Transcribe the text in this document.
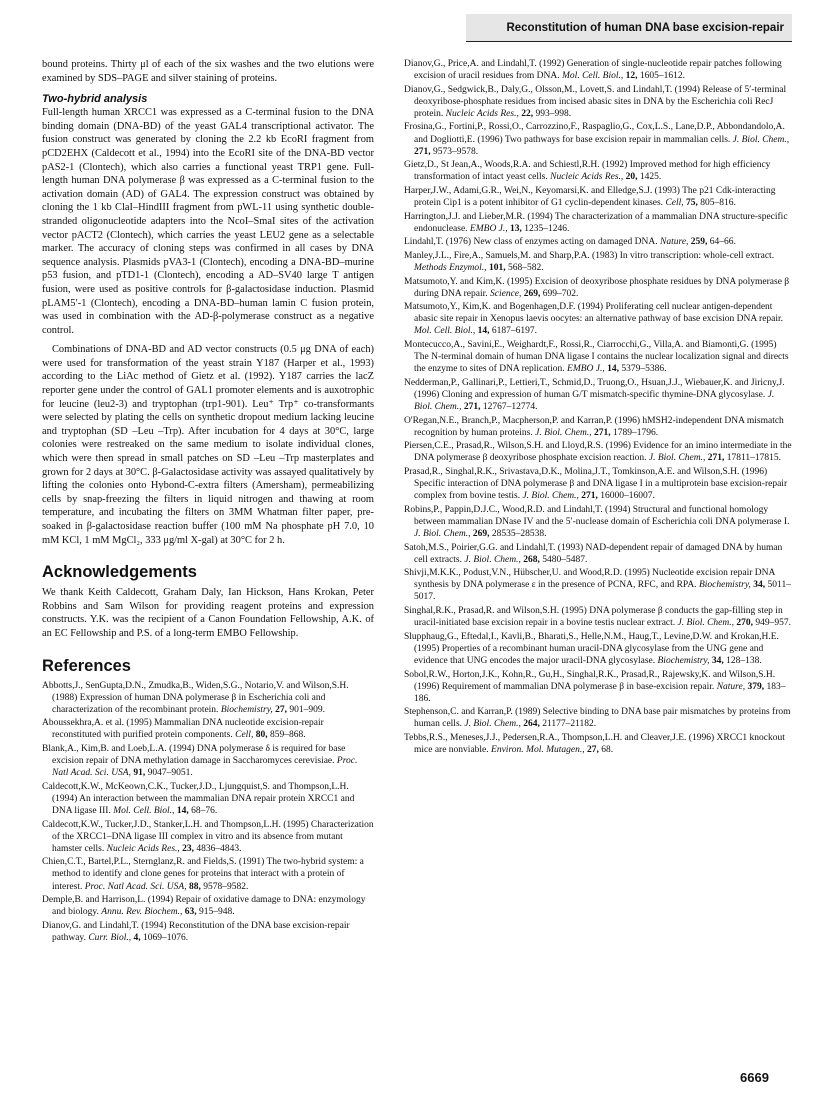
Reconstitution of human DNA base excision-repair

bound proteins. Thirty μl of each of the six washes and the two elutions were examined by SDS–PAGE and silver staining of proteins.

Two-hybrid analysis

Full-length human XRCC1 was expressed as a C-terminal fusion to the DNA binding domain (DNA-BD) of the yeast GAL4 transcriptional activator. The fusion construct was generated by cloning the 2.2 kb EcoRI fragment from pCD2EHX (Caldecott et al., 1994) into the EcoRI site of the DNA-BD vector pAS2-1 (Clontech), which also carries a functional yeast TRP1 gene. Full-length human DNA polymerase β was expressed as a C-terminal fusion to the activation domain (AD) of GAL4. The expression construct was obtained by cloning the 1 kb ClaI–HindIII fragment from pWL-11 using synthetic double-stranded oligonucleotide adapters into the NcoI–SmaI sites of the activation vector pACT2 (Clontech), which carries the yeast LEU2 gene as a selectable marker. The accuracy of cloning steps was confirmed in all cases by DNA sequence analysis. Plasmids pVA3-1 (Clontech), encoding a DNA-BD–murine p53 fusion, and pTD1-1 (Clontech), encoding a AD–SV40 large T antigen fusion, were used as positive controls for β-galactosidase induction. Plasmid pLAM5′-1 (Clontech), encoding a DNA-BD–human lamin C fusion protein, was used in combination with the AD-β-polymerase construct as a negative control.

Combinations of DNA-BD and AD vector constructs (0.5 μg DNA of each) were used for transformation of the yeast strain Y187 (Harper et al., 1993) according to the LiAc method of Gietz et al. (1992). Y187 carries the lacZ reporter gene under the control of GAL1 promoter elements and is auxotrophic for leucine (leu2-3) and tryptophan (trp1-901). Leu⁺ Trp⁺ co-transformants were selected by plating the cells on synthetic dropout medium lacking leucine and tryptophan (SD –Leu –Trp). After incubation for 4 days at 30°C, large colonies were restreaked on the same medium to isolate individual clones, which were then spread in small patches on SD –Leu –Trp masterplates and grown for 2 days at 30°C. β-Galactosidase activity was assayed qualitatively by lifting the colonies onto Hybond-C-extra filters (Amersham), permeabilizing cells by snap-freezing the filters in liquid nitrogen and thawing at room temperature, and incubating the filters on 3MM Whatman filter paper, pre-soaked in β-galactosidase reaction buffer (100 mM Na phosphate pH 7.0, 10 mM KCl, 1 mM MgCl₂, 333 μg/ml X-gal) at 30°C for 2 h.

Acknowledgements

We thank Keith Caldecott, Graham Daly, Ian Hickson, Hans Krokan, Peter Robbins and Sam Wilson for providing reagent proteins and expression constructs. Y.K. was the recipient of a Canon Foundation Fellowship, A.K. of an EC Fellowship and P.S. of a long-term EMBO Fellowship.

References
Abbotts,J., SenGupta,D.N., Zmudka,B., Widen,S.G., Notario,V. and Wilson,S.H. (1988) Expression of human DNA polymerase β in Escherichia coli and characterization of the recombinant protein. Biochemistry, 27, 901–909.
Aboussekhra,A. et al. (1995) Mammalian DNA nucleotide excision-repair reconstituted with purified protein components. Cell, 80, 859–868.
Blank,A., Kim,B. and Loeb,L.A. (1994) DNA polymerase δ is required for base excision repair of DNA methylation damage in Saccharomyces cerevisiae. Proc. Natl Acad. Sci. USA, 91, 9047–9051.
Caldecott,K.W., McKeown,C.K., Tucker,J.D., Ljungquist,S. and Thompson,L.H. (1994) An interaction between the mammalian DNA repair protein XRCC1 and DNA ligase III. Mol. Cell. Biol., 14, 68–76.
Caldecott,K.W., Tucker,J.D., Stanker,L.H. and Thompson,L.H. (1995) Characterization of the XRCC1–DNA ligase III complex in vitro and its absence from mutant hamster cells. Nucleic Acids Res., 23, 4836–4843.
Chien,C.T., Bartel,P.L., Sternglanz,R. and Fields,S. (1991) The two-hybrid system: a method to identify and clone genes for proteins that interact with a protein of interest. Proc. Natl Acad. Sci. USA, 88, 9578–9582.
Demple,B. and Harrison,L. (1994) Repair of oxidative damage to DNA: enzymology and biology. Annu. Rev. Biochem., 63, 915–948.
Dianov,G. and Lindahl,T. (1994) Reconstitution of the DNA base excision-repair pathway. Curr. Biol., 4, 1069–1076.
Dianov,G., Price,A. and Lindahl,T. (1992) Generation of single-nucleotide repair patches following excision of uracil residues from DNA. Mol. Cell. Biol., 12, 1605–1612.
Dianov,G., Sedgwick,B., Daly,G., Olsson,M., Lovett,S. and Lindahl,T. (1994) Release of 5′-terminal deoxyribose-phosphate residues from incised abasic sites in DNA by the Escherichia coli RecJ protein. Nucleic Acids Res., 22, 993–998.
Frosina,G., Fortini,P., Rossi,O., Carrozzino,F., Raspaglio,G., Cox,L.S., Lane,D.P., Abbondandolo,A. and Dogliotti,E. (1996) Two pathways for base excision repair in mammalian cells. J. Biol. Chem., 271, 9573–9578.
Gietz,D., St Jean,A., Woods,R.A. and Schiestl,R.H. (1992) Improved method for high efficiency transformation of intact yeast cells. Nucleic Acids Res., 20, 1425.
Harper,J.W., Adami,G.R., Wei,N., Keyomarsi,K. and Elledge,S.J. (1993) The p21 Cdk-interacting protein Cip1 is a potent inhibitor of G1 cyclin-dependent kinases. Cell, 75, 805–816.
Harrington,J.J. and Lieber,M.R. (1994) The characterization of a mammalian DNA structure-specific endonuclease. EMBO J., 13, 1235–1246.
Lindahl,T. (1976) New class of enzymes acting on damaged DNA. Nature, 259, 64–66.
Manley,J.L., Fire,A., Samuels,M. and Sharp,P.A. (1983) In vitro transcription: whole-cell extract. Methods Enzymol., 101, 568–582.
Matsumoto,Y. and Kim,K. (1995) Excision of deoxyribose phosphate residues by DNA polymerase β during DNA repair. Science, 269, 699–702.
Matsumoto,Y., Kim,K. and Bogenhagen,D.F. (1994) Proliferating cell nuclear antigen-dependent abasic site repair in Xenopus laevis oocytes: an alternative pathway of base excision DNA repair. Mol. Cell. Biol., 14, 6187–6197.
Montecucco,A., Savini,E., Weighardt,F., Rossi,R., Ciarrocchi,G., Villa,A. and Biamonti,G. (1995) The N-terminal domain of human DNA ligase I contains the nuclear localization signal and directs the enzyme to sites of DNA replication. EMBO J., 14, 5379–5386.
Nedderman,P., Gallinari,P., Lettieri,T., Schmid,D., Truong,O., Hsuan,J.J., Wiebauer,K. and Jiricny,J. (1996) Cloning and expression of human G/T mismatch-specific thymine-DNA glycosylase. J. Biol. Chem., 271, 12767–12774.
O'Regan,N.E., Branch,P., Macpherson,P. and Karran,P. (1996) hMSH2-independent DNA mismatch recognition by human proteins. J. Biol. Chem., 271, 1789–1796.
Piersen,C.E., Prasad,R., Wilson,S.H. and Lloyd,R.S. (1996) Evidence for an imino intermediate in the DNA polymerase β deoxyribose phosphate excision reaction. J. Biol. Chem., 271, 17811–17815.
Prasad,R., Singhal,R.K., Srivastava,D.K., Molina,J.T., Tomkinson,A.E. and Wilson,S.H. (1996) Specific interaction of DNA polymerase β and DNA ligase I in a multiprotein base excision-repair complex from bovine testis. J. Biol. Chem., 271, 16000–16007.
Robins,P., Pappin,D.J.C., Wood,R.D. and Lindahl,T. (1994) Structural and functional homology between mammalian DNase IV and the 5′-nuclease domain of Escherichia coli DNA polymerase I. J. Biol. Chem., 269, 28535–28538.
Satoh,M.S., Poirier,G.G. and Lindahl,T. (1993) NAD-dependent repair of damaged DNA by human cell extracts. J. Biol. Chem., 268, 5480–5487.
Shivji,M.K.K., Podust,V.N., Hübscher,U. and Wood,R.D. (1995) Nucleotide excision repair DNA synthesis by DNA polymerase ε in the presence of PCNA, RFC, and RPA. Biochemistry, 34, 5011–5017.
Singhal,R.K., Prasad,R. and Wilson,S.H. (1995) DNA polymerase β conducts the gap-filling step in uracil-initiated base excision repair in a bovine testis nuclear extract. J. Biol. Chem., 270, 949–957.
Slupphaug,G., Eftedal,I., Kavli,B., Bharati,S., Helle,N.M., Haug,T., Levine,D.W. and Krokan,H.E. (1995) Properties of a recombinant human uracil-DNA glycosylase from the UNG gene and evidence that UNG encodes the major uracil-DNA glycosylase. Biochemistry, 34, 128–138.
Sobol,R.W., Horton,J.K., Kohn,R., Gu,H., Singhal,R.K., Prasad,R., Rajewsky,K. and Wilson,S.H. (1996) Requirement of mammalian DNA polymerase β in base-excision repair. Nature, 379, 183–186.
Stephenson,C. and Karran,P. (1989) Selective binding to DNA base pair mismatches by proteins from human cells. J. Biol. Chem., 264, 21177–21182.
Tebbs,R.S., Meneses,J.J., Pedersen,R.A., Thompson,L.H. and Cleaver,J.E. (1996) XRCC1 knockout mice are nonviable. Environ. Mol. Mutagen., 27, 68.
6669
